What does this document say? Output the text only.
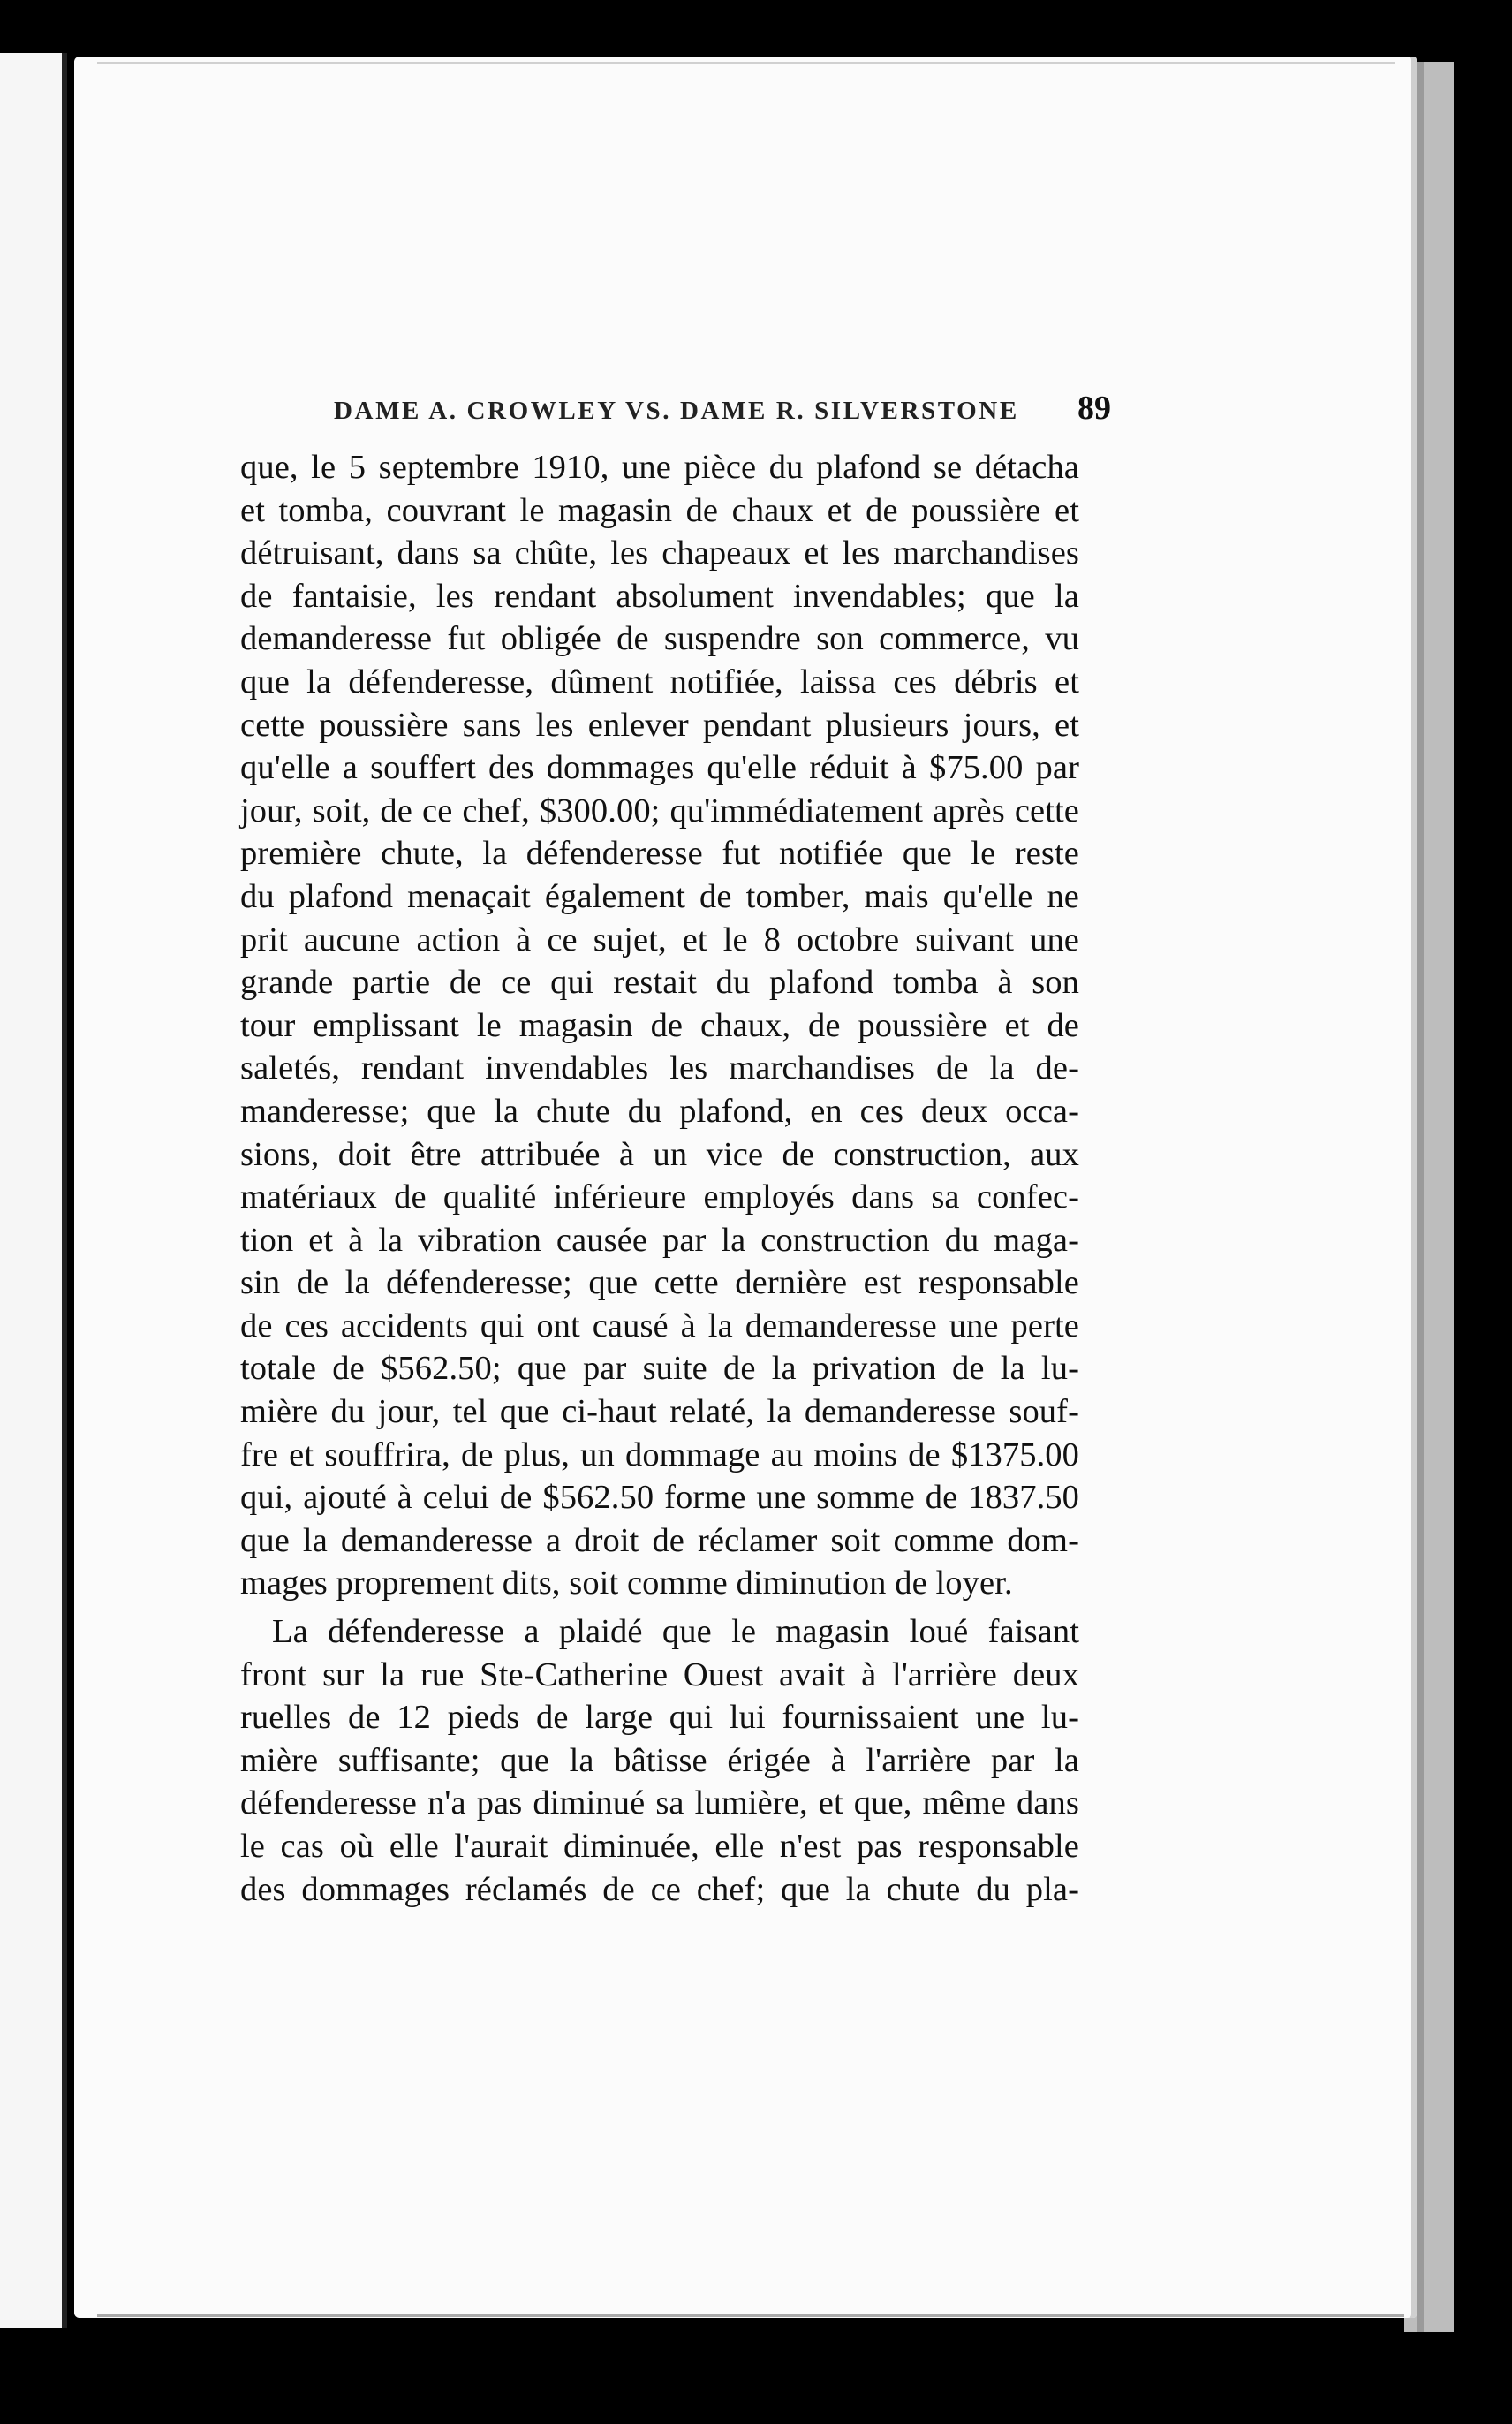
DAME A. CROWLEY VS. DAME R. SILVERSTONE 89
que, le 5 septembre 1910, une pièce du plafond se détacha
et tomba, couvrant le magasin de chaux et de poussière et
détruisant, dans sa chûte, les chapeaux et les marchandises
de fantaisie, les rendant absolument invendables; que la
demanderesse fut obligée de suspendre son commerce, vu
que la défenderesse, dûment notifiée, laissa ces débris et
cette poussière sans les enlever pendant plusieurs jours, et
qu'elle a souffert des dommages qu'elle réduit à $75.00 par
jour, soit, de ce chef, $300.00; qu'immédiatement après cette
première chute, la défenderesse fut notifiée que le reste
du plafond menaçait également de tomber, mais qu'elle ne
prit aucune action à ce sujet, et le 8 octobre suivant une
grande partie de ce qui restait du plafond tomba à son
tour emplissant le magasin de chaux, de poussière et de
saletés, rendant invendables les marchandises de la de-
manderesse; que la chute du plafond, en ces deux occa-
sions, doit être attribuée à un vice de construction, aux
matériaux de qualité inférieure employés dans sa confec-
tion et à la vibration causée par la construction du maga-
sin de la défenderesse; que cette dernière est responsable
de ces accidents qui ont causé à la demanderesse une perte
totale de $562.50; que par suite de la privation de la lu-
mière du jour, tel que ci-haut relaté, la demanderesse souf-
fre et souffrira, de plus, un dommage au moins de $1375.00
qui, ajouté à celui de $562.50 forme une somme de 1837.50
que la demanderesse a droit de réclamer soit comme dom-
mages proprement dits, soit comme diminution de loyer.
La défenderesse a plaidé que le magasin loué faisant
front sur la rue Ste-Catherine Ouest avait à l'arrière deux
ruelles de 12 pieds de large qui lui fournissaient une lu-
mière suffisante; que la bâtisse érigée à l'arrière par la
défenderesse n'a pas diminué sa lumière, et que, même dans
le cas où elle l'aurait diminuée, elle n'est pas responsable
des dommages réclamés de ce chef; que la chute du pla-
